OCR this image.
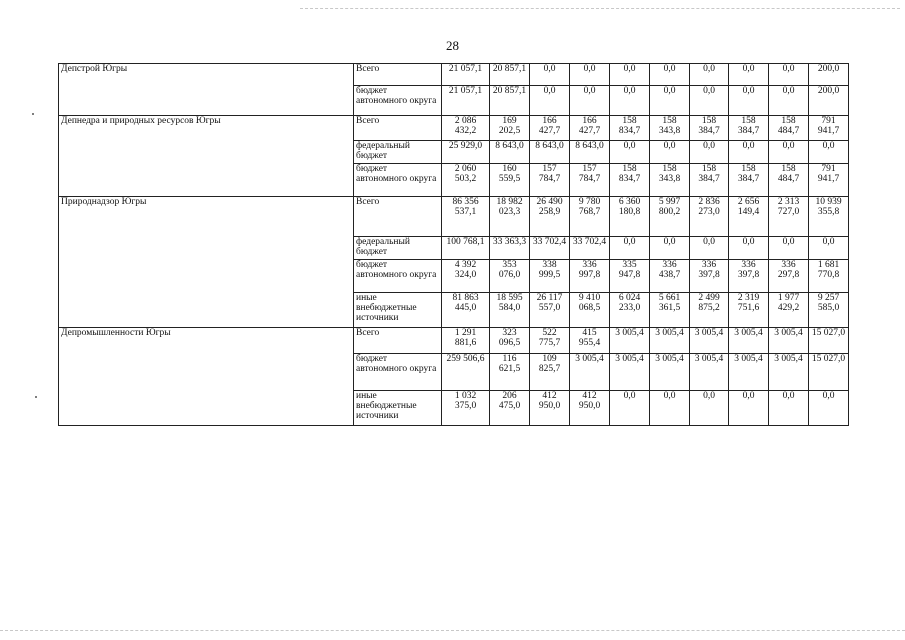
28
Депстрой Югры	Всего	21 057,1	20 857,1	0,0	0,0	0,0	0,0	0,0	0,0	0,0	200,0
	бюджет автономного округа	21 057,1	20 857,1	0,0	0,0	0,0	0,0	0,0	0,0	0,0	200,0
Депнедра и природных ресурсов Югры	Всего	2 086 432,2	169 202,5	166 427,7	166 427,7	158 834,7	158 343,8	158 384,7	158 384,7	158 484,7	791 941,7
	федеральный бюджет	25 929,0	8 643,0	8 643,0	8 643,0	0,0	0,0	0,0	0,0	0,0	0,0
	бюджет автономного округа	2 060 503,2	160 559,5	157 784,7	157 784,7	158 834,7	158 343,8	158 384,7	158 384,7	158 484,7	791 941,7
Природнадзор Югры	Всего	86 356 537,1	18 982 023,3	26 490 258,9	9 780 768,7	6 360 180,8	5 997 800,2	2 836 273,0	2 656 149,4	2 313 727,0	10 939 355,8
	федеральный бюджет	100 768,1	33 363,3	33 702,4	33 702,4	0,0	0,0	0,0	0,0	0,0	0,0
	бюджет автономного округа	4 392 324,0	353 076,0	338 999,5	336 997,8	335 947,8	336 438,7	336 397,8	336 397,8	336 297,8	1 681 770,8
	иные внебюджетные источники	81 863 445,0	18 595 584,0	26 117 557,0	9 410 068,5	6 024 233,0	5 661 361,5	2 499 875,2	2 319 751,6	1 977 429,2	9 257 585,0
Депромышленности Югры	Всего	1 291 881,6	323 096,5	522 775,7	415 955,4	3 005,4	3 005,4	3 005,4	3 005,4	3 005,4	15 027,0
	бюджет автономного округа	259 506,6	116 621,5	109 825,7	3 005,4	3 005,4	3 005,4	3 005,4	3 005,4	3 005,4	15 027,0
	иные внебюджетные источники	1 032 375,0	206 475,0	412 950,0	412 950,0	0,0	0,0	0,0	0,0	0,0	0,0
